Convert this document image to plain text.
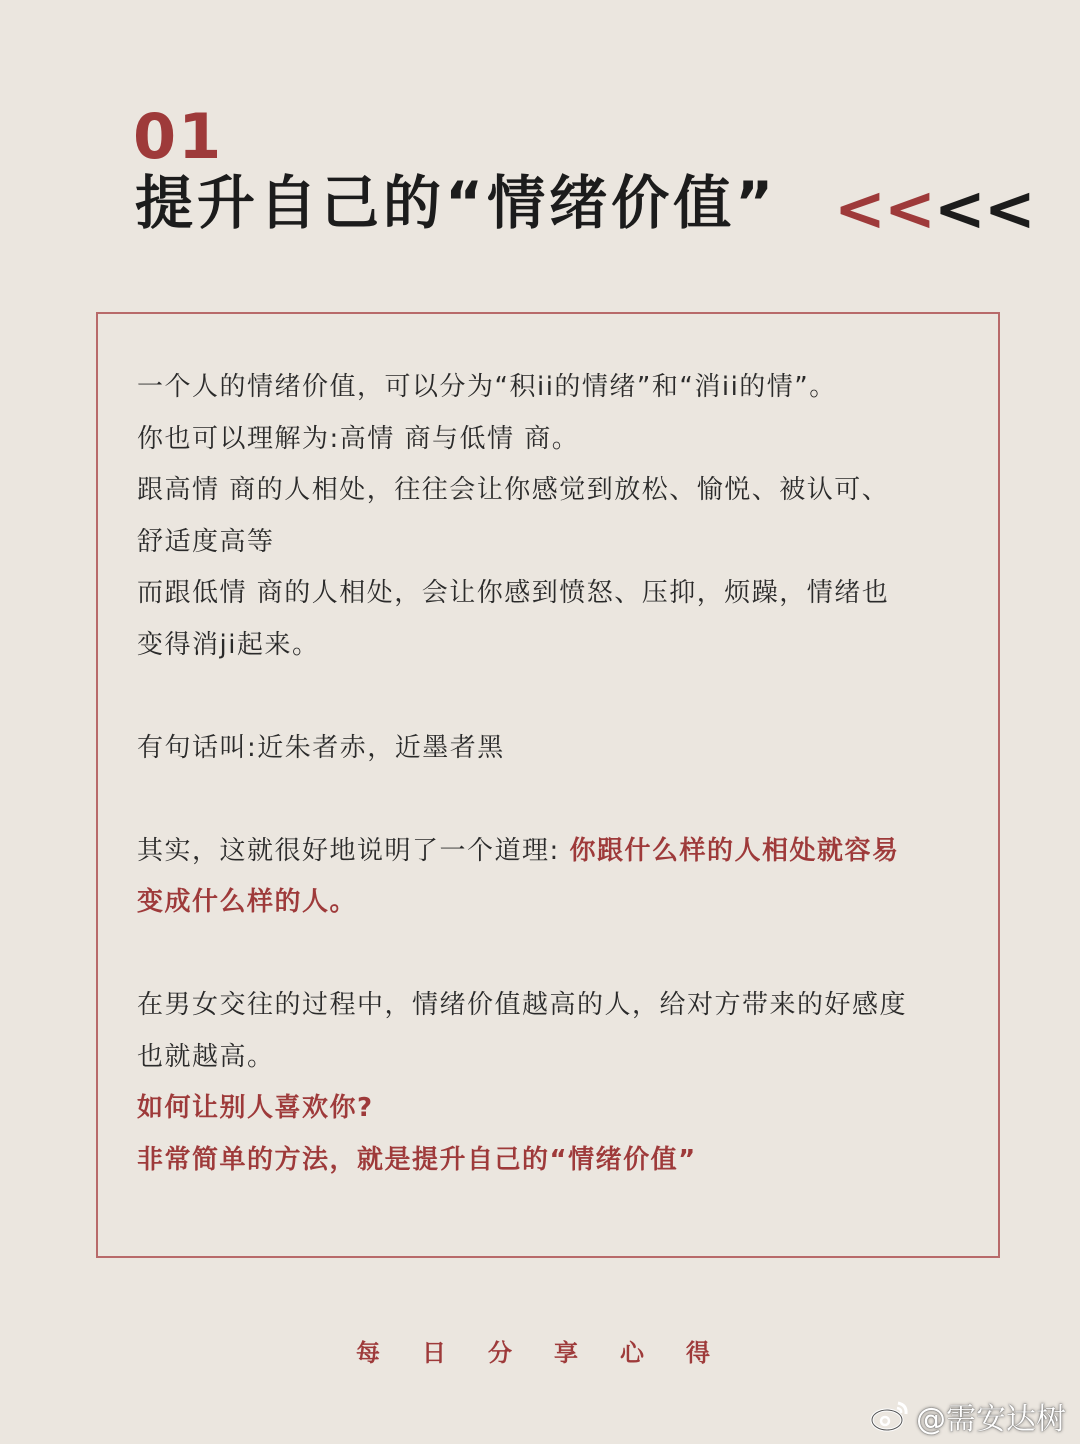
01
提升自己的“情绪价值” <<<<

一个人的情绪价值，可以分为“积ii的情绪”和“消ii的情”。

你也可以理解为:高情 商与低情 商。

跟高情 商的人相处，往往会让你感觉到放松、愉悦、被认可、

舒适度高等

而跟低情 商的人相处，会让你感到愤怒、压抑，烦躁，情绪也

变得消ji起来。

有句话叫:近朱者赤，近墨者黑

其实，这就很好地说明了一个道理: 你跟什么样的人相处就容易

变成什么样的人。

在男女交往的过程中，情绪价值越高的人，给对方带来的好感度

也就越高。

如何让别人喜欢你?

非常简单的方法，就是提升自己的“情绪价值”

每日分享心得
@需安达树
